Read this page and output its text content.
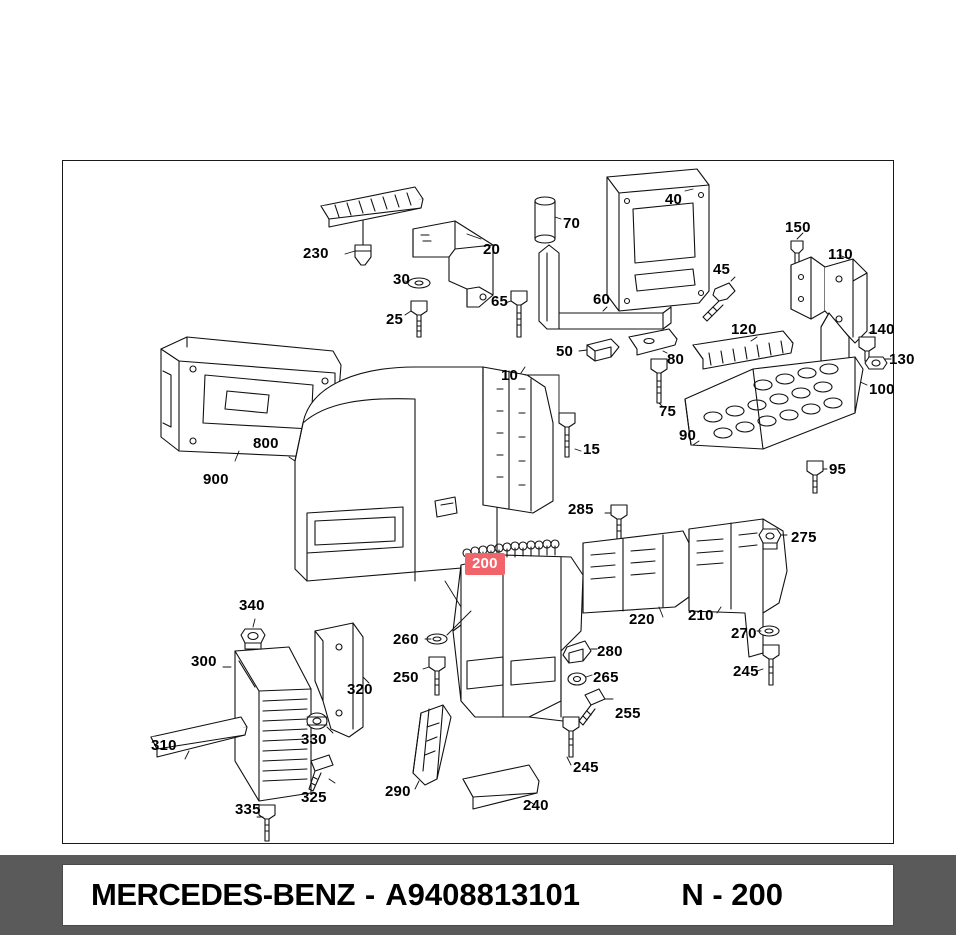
230
30
25
20
70
65	60
50	80
75
40
45
150
110
140
130
100
120
90
95
10
15
800
900
285
275
220 210
200
270
245
340
300
310	330
320
325
335
260
250
290
240
245
255
265
280
MERCEDES-BENZ - A9408813101	N - 200
